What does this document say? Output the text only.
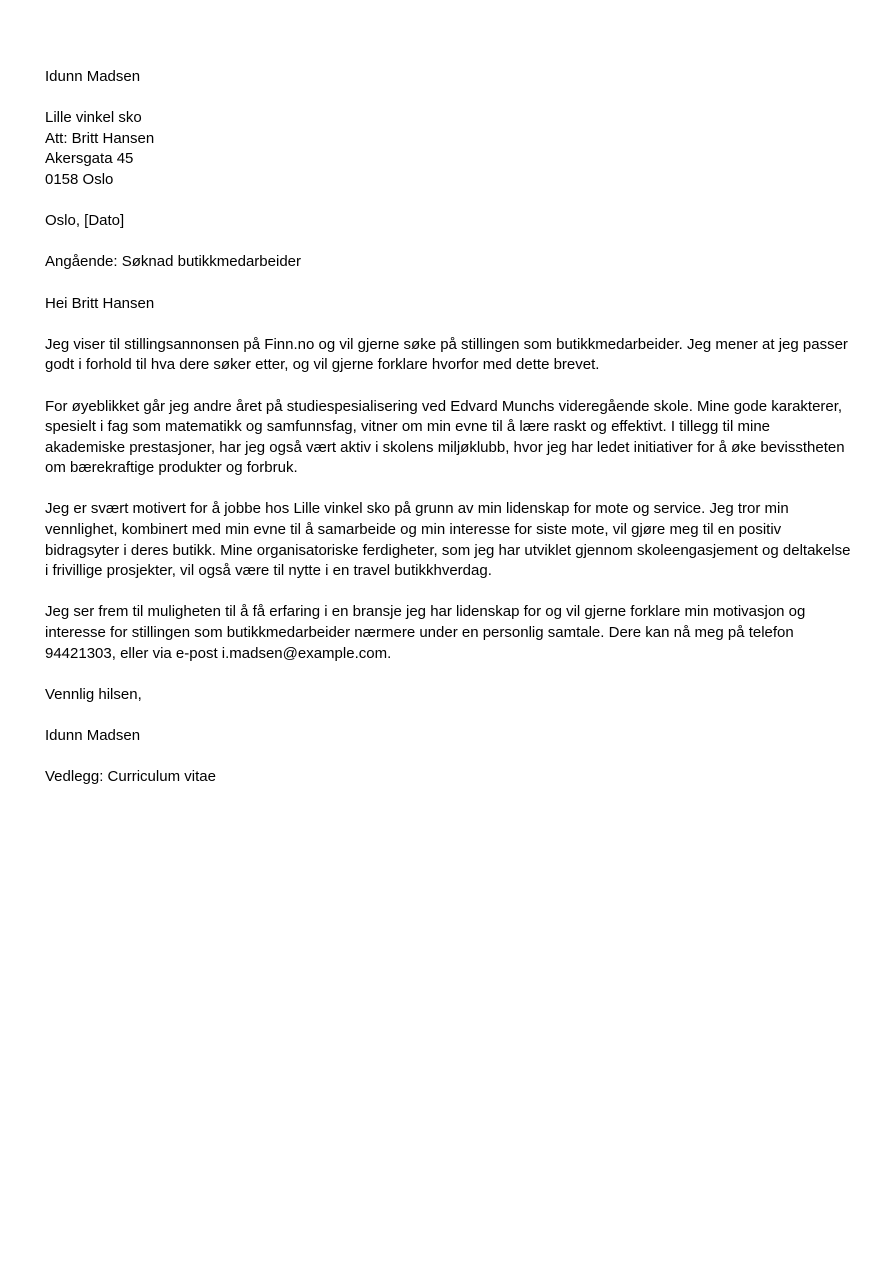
Idunn Madsen
Lille vinkel sko
Att: Britt Hansen
Akersgata 45
0158 Oslo
Oslo, [Dato]
Angående: Søknad butikkmedarbeider
Hei Britt Hansen

Jeg viser til stillingsannonsen på Finn.no og vil gjerne søke på stillingen som butikkmedarbeider. Jeg mener at jeg passer godt i forhold til hva dere søker etter, og vil gjerne forklare hvorfor med dette brevet.

For øyeblikket går jeg andre året på studiespesialisering ved Edvard Munchs videregående skole. Mine gode karakterer, spesielt i fag som matematikk og samfunnsfag, vitner om min evne til å lære raskt og effektivt. I tillegg til mine akademiske prestasjoner, har jeg også vært aktiv i skolens miljøklubb, hvor jeg har ledet initiativer for å øke bevisstheten om bærekraftige produkter og forbruk.

Jeg er svært motivert for å jobbe hos Lille vinkel sko på grunn av min lidenskap for mote og service. Jeg tror min vennlighet, kombinert med min evne til å samarbeide og min interesse for siste mote, vil gjøre meg til en positiv bidragsyter i deres butikk. Mine organisatoriske ferdigheter, som jeg har utviklet gjennom skoleengasjement og deltakelse i frivillige prosjekter, vil også være til nytte i en travel butikkhverdag.

Jeg ser frem til muligheten til å få erfaring i en bransje jeg har lidenskap for og vil gjerne forklare min motivasjon og interesse for stillingen som butikkmedarbeider nærmere under en personlig samtale. Dere kan nå meg på telefon 94421303, eller via e-post i.madsen@example.com.

Vennlig hilsen,
Idunn Madsen
Vedlegg: Curriculum vitae
